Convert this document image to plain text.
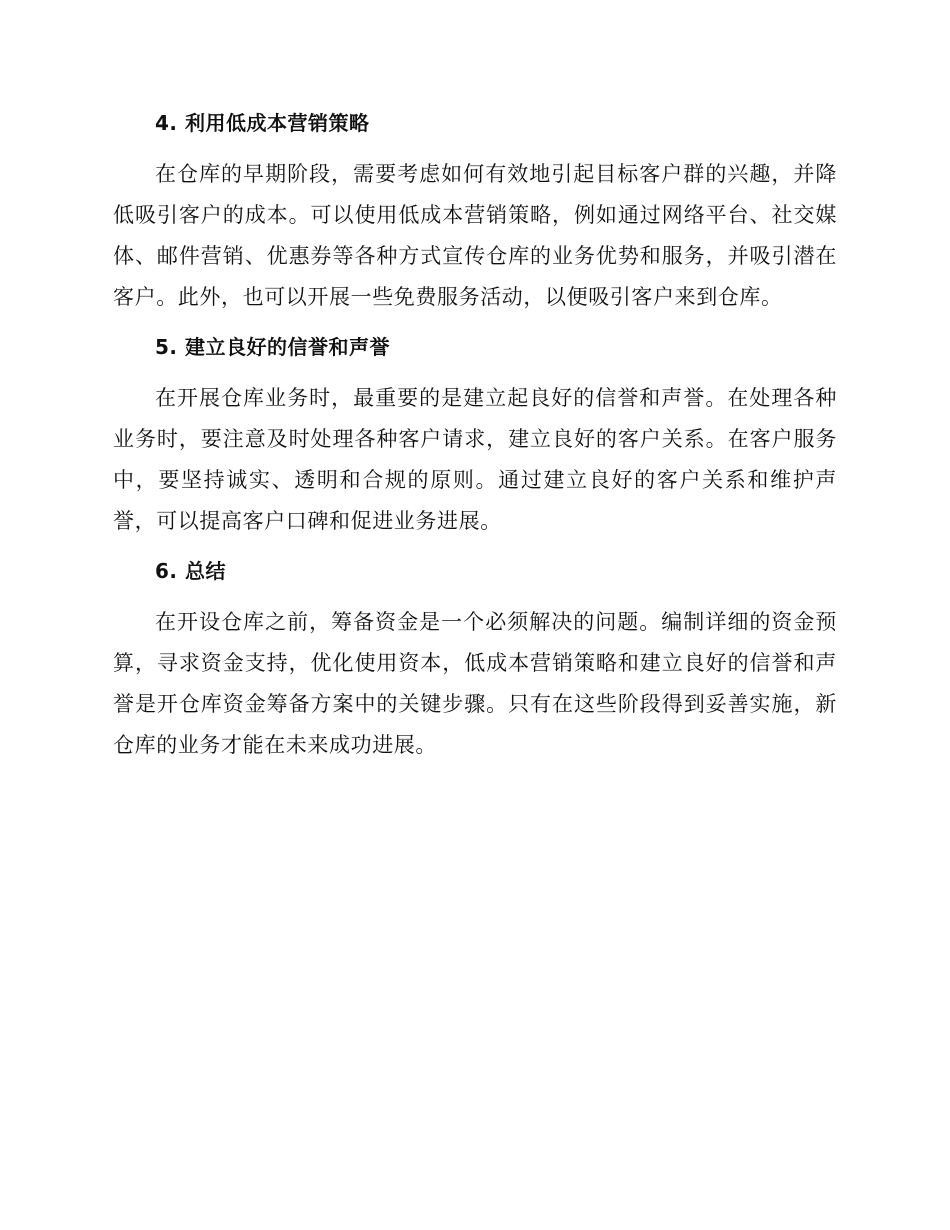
4. 利用低成本营销策略

在仓库的早期阶段，需要考虑如何有效地引起目标客户群的兴趣，并降低吸引客户的成本。可以使用低成本营销策略，例如通过网络平台、社交媒体、邮件营销、优惠券等各种方式宣传仓库的业务优势和服务，并吸引潜在客户。此外，也可以开展一些免费服务活动，以便吸引客户来到仓库。

5. 建立良好的信誉和声誉

在开展仓库业务时，最重要的是建立起良好的信誉和声誉。在处理各种业务时，要注意及时处理各种客户请求，建立良好的客户关系。在客户服务中，要坚持诚实、透明和合规的原则。通过建立良好的客户关系和维护声誉，可以提高客户口碑和促进业务进展。

6. 总结

在开设仓库之前，筹备资金是一个必须解决的问题。编制详细的资金预算，寻求资金支持，优化使用资本，低成本营销策略和建立良好的信誉和声誉是开仓库资金筹备方案中的关键步骤。只有在这些阶段得到妥善实施，新仓库的业务才能在未来成功进展。
